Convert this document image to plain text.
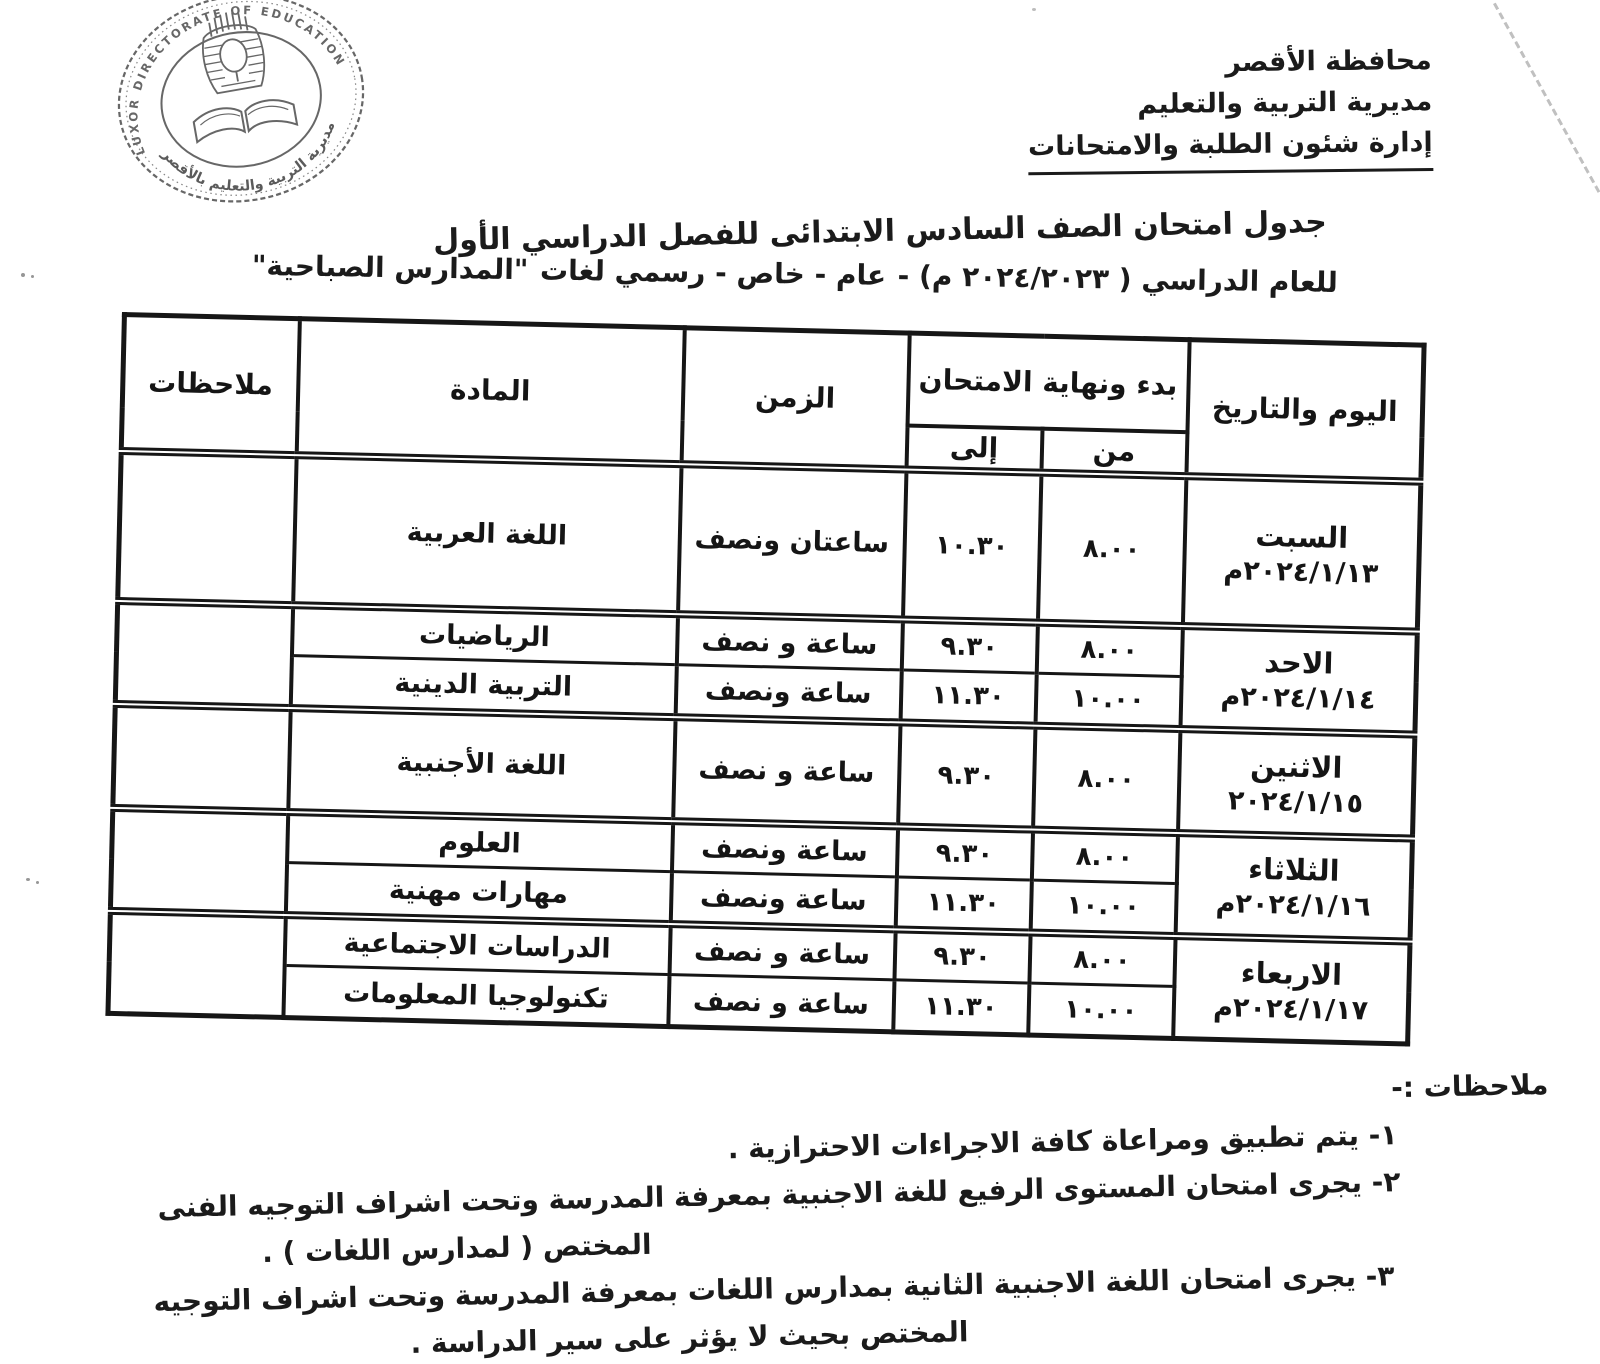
LUXOR DIRECTORATE OF EDUCATION
مديرية التربية والتعليم بالأقصر
محافظة الأقصر
مديرية التربية والتعليم
إدارة شئون الطلبة والامتحانات
جدول امتحان الصف السادس الابتدائى للفصل الدراسي الأول
للعام الدراسي ( ٢٠٢٤/٢٠٢٣ م) -
عام - خاص - رسمي لغات
"المدارس الصباحية"
اليوم والتاريخ	بدء ونهاية الامتحان		الزمن	المادة	ملاحظات
	من	إلى			

السبت
٢٠٢٤/١/١٣م	٨.٠٠	١٠.٣٠	ساعتان ونصف	اللغة العربية	

الاحد
٢٠٢٤/١/١٤م	٨.٠٠	٩.٣٠	ساعة و نصف	الرياضيات	
	١٠.٠٠	١١.٣٠	ساعة ونصف	التربية الدينية	

الاثنين
٢٠٢٤/١/١٥	٨.٠٠	٩.٣٠	ساعة و نصف	اللغة الأجنبية	

الثلاثاء
٢٠٢٤/١/١٦م	٨.٠٠	٩.٣٠	ساعة ونصف	العلوم	
	١٠.٠٠	١١.٣٠	ساعة ونصف	مهارات مهنية	

الاربعاء
٢٠٢٤/١/١٧م	٨.٠٠	٩.٣٠	ساعة و نصف	الدراسات الاجتماعية	
	١٠.٠٠	١١.٣٠	ساعة و نصف	تكنولوجيا المعلومات	
ملاحظات :-
١- يتم تطبيق ومراعاة كافة الاجراءات الاحترازية .
٢- يجرى امتحان المستوى الرفيع للغة الاجنبية بمعرفة المدرسة وتحت اشراف التوجيه الفنى
المختص ( لمدارس اللغات ) .
٣- يجرى امتحان اللغة الاجنبية الثانية بمدارس اللغات بمعرفة المدرسة وتحت اشراف التوجيه
المختص بحيث لا يؤثر على سير الدراسة .
